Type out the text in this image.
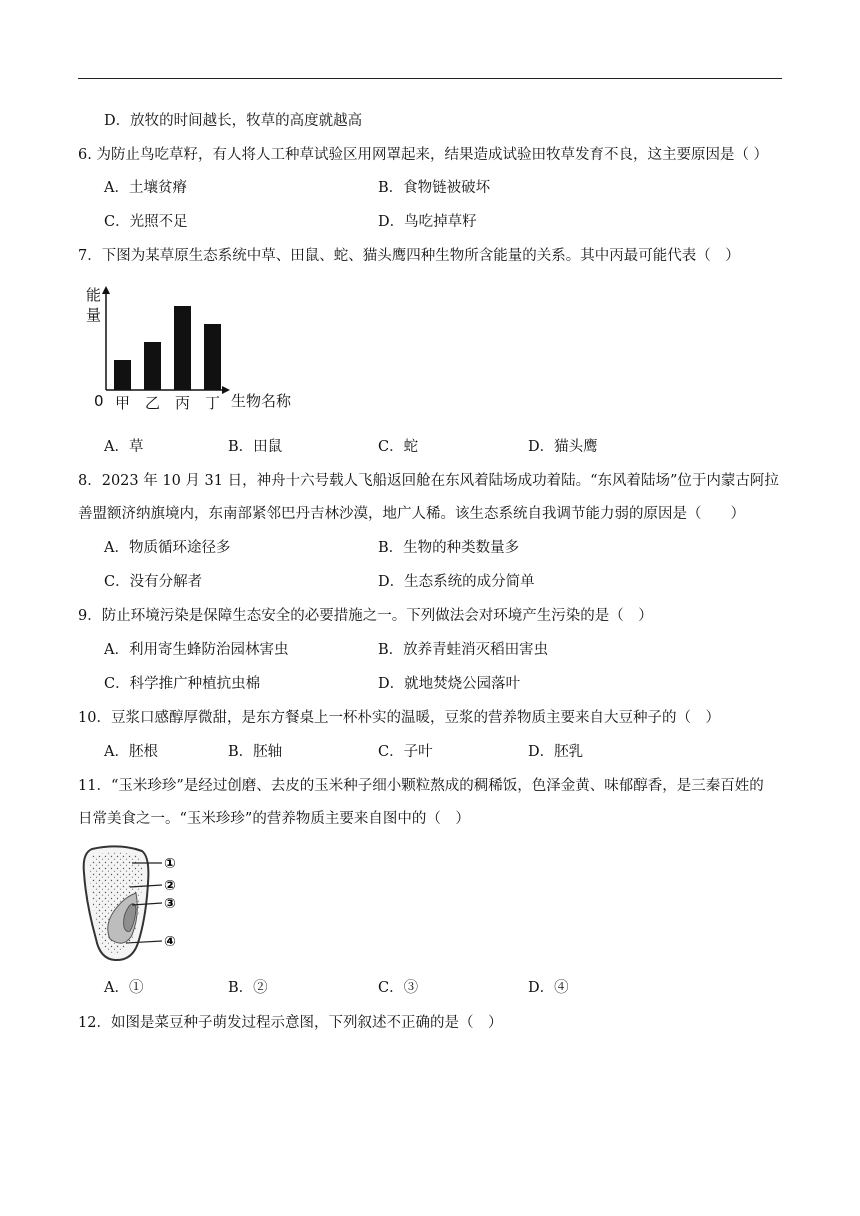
D．放牧的时间越长，牧草的高度就越高
6. 为防止鸟吃草籽，有人将人工种草试验区用网罩起来，结果造成试验田牧草发育不良，这主要原因是（ ）
A．土壤贫瘠	B．食物链被破坏
C．光照不足	D．鸟吃掉草籽
7．下图为某草原生态系统中草、田鼠、蛇、猫头鹰四种生物所含能量的关系。其中丙最可能代表（　）
能
量
0	生物名称
甲 乙 丙 丁
A．草	B．田鼠	C．蛇	D．猫头鹰
8．2023 年 10 月 31 日，神舟十六号载人飞船返回舱在东风着陆场成功着陆。“东风着陆场”位于内蒙古阿拉
善盟额济纳旗境内，东南部紧邻巴丹吉林沙漠，地广人稀。该生态系统自我调节能力弱的原因是（　　）
A．物质循环途径多	B．生物的种类数量多
C．没有分解者	D．生态系统的成分简单
9．防止环境污染是保障生态安全的必要措施之一。下列做法会对环境产生污染的是（　）
A．利用寄生蜂防治园林害虫	B．放养青蛙消灭稻田害虫
C．科学推广种植抗虫棉	D．就地焚烧公园落叶
10．豆浆口感醇厚微甜，是东方餐桌上一杯朴实的温暖，豆浆的营养物质主要来自大豆种子的（　）
A．胚根	B．胚轴	C．子叶	D．胚乳
11．“玉米珍珍”是经过创磨、去皮的玉米种子细小颗粒熬成的稠稀饭，色泽金黄、味郁醇香，是三秦百姓的
日常美食之一。“玉米珍珍”的营养物质主要来自图中的（　）
①
②
③
④
A．①	B．②	C．③	D．④
12．如图是菜豆种子萌发过程示意图，下列叙述不正确的是（　）
